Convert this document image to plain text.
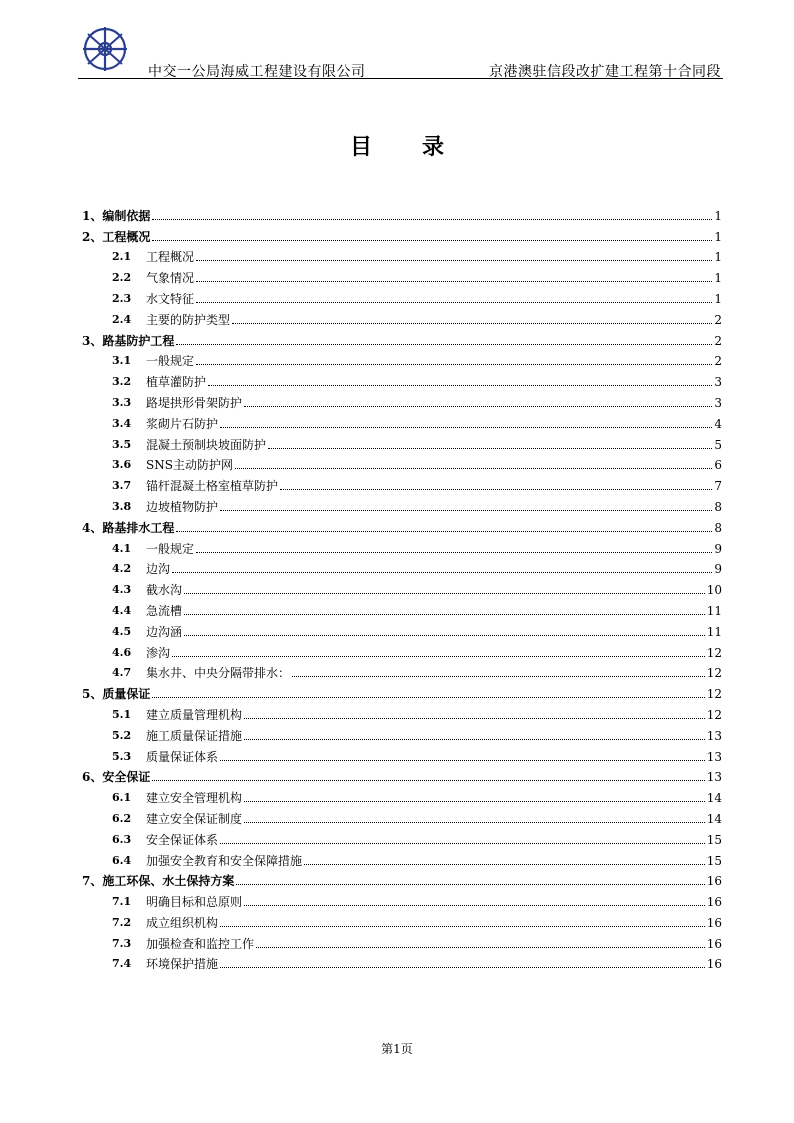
中交一公局海威工程建设有限公司	京港澳驻信段改扩建工程第十合同段
目录
1、 编制依据	1
2、 工程概况	1
2.1	工程概况	1
2.2	气象情况	1
2.3	水文特征	1
2.4	主要的防护类型	2
3、 路基防护工程	2
3.1	一般规定	2
3.2	植草灌防护	3
3.3	路堤拱形骨架防护	3
3.4	浆砌片石防护	4
3.5	混凝土预制块坡面防护	5
3.6	SNS主动防护网	6
3.7	锚杆混凝土格室植草防护	7
3.8	边坡植物防护	8
4、 路基排水工程	8
4.1	一般规定	9
4.2	边沟	9
4.3	截水沟	10
4.4	急流槽	11
4.5	边沟涵	11
4.6	渗沟	12
4.7	集水井、中央分隔带排水：	12
5、 质量保证	12
5.1	建立质量管理机构	12
5.2	施工质量保证措施	13
5.3	质量保证体系	13
6、 安全保证	13
6.1	建立安全管理机构	14
6.2	建立安全保证制度	14
6.3	安全保证体系	15
6.4	加强安全教育和安全保障措施	15
7、 施工环保、水土保持方案	16
7.1	明确目标和总原则	16
7.2	成立组织机构	16
7.3	加强检查和监控工作	16
7.4	环境保护措施	16
第1页
